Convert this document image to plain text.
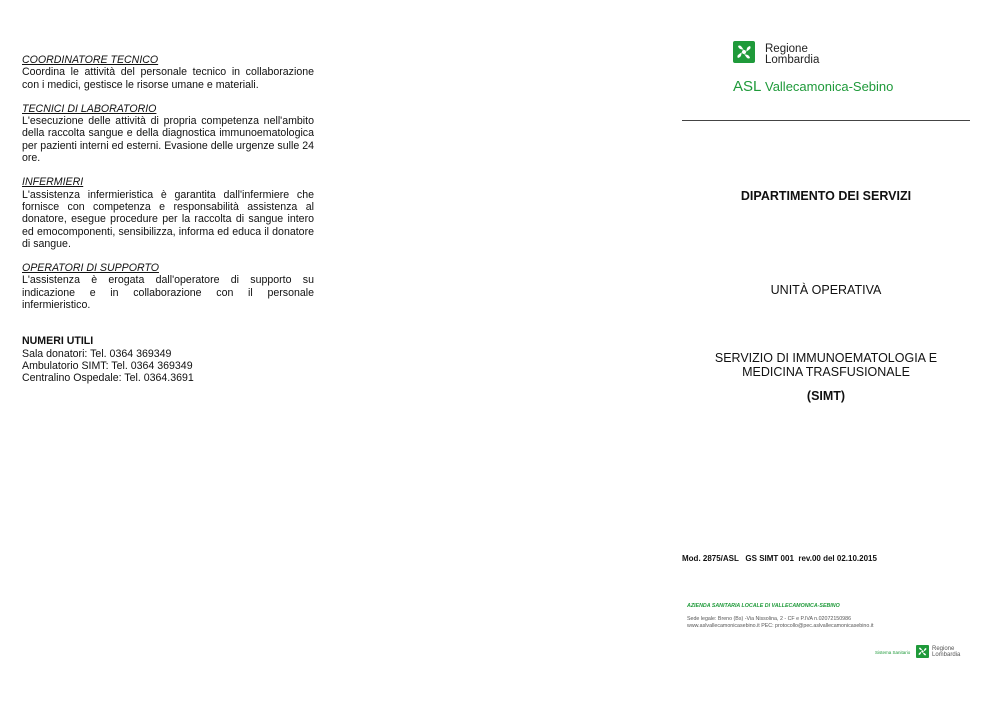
COORDINATORE TECNICO
Coordina le attività del personale tecnico in collaborazione con i medici, gestisce le risorse umane e materiali.
TECNICI DI LABORATORIO
L'esecuzione delle attività di propria competenza nell'ambito della raccolta sangue e della diagnostica immunoematologica per pazienti interni ed esterni. Evasione delle urgenze sulle 24 ore.
INFERMIERI
L'assistenza infermieristica è garantita dall'infermiere che fornisce con competenza e responsabilità assistenza al donatore, esegue procedure per la raccolta di sangue intero ed emocomponenti, sensibilizza, informa ed educa il donatore di sangue.
OPERATORI DI SUPPORTO
L'assistenza è erogata dall'operatore di supporto su indicazione e in collaborazione con il personale infermieristico.
NUMERI UTILI
Sala donatori: Tel. 0364 369349
Ambulatorio SIMT: Tel. 0364 369349
Centralino Ospedale: Tel. 0364.3691
Regione
Lombardia
ASL Vallecamonica-Sebino
DIPARTIMENTO DEI SERVIZI
UNITÀ OPERATIVA
SERVIZIO DI IMMUNOEMATOLOGIA E
MEDICINA TRASFUSIONALE
(SIMT)
Mod. 2875/ASL   GS SIMT 001  rev.00 del 02.10.2015
AZIENDA SANITARIA LOCALE DI VALLECAMONICA-SEBINO
Sede legale: Breno (Bs) -Via Nissolina, 2 - CF e P.IVA n.02072150986
www.aslvallecamonicasebino.it PEC: protocollo@pec.aslvallecamonicasebino.it
Sistema Sanitario
Regione
Lombardia
